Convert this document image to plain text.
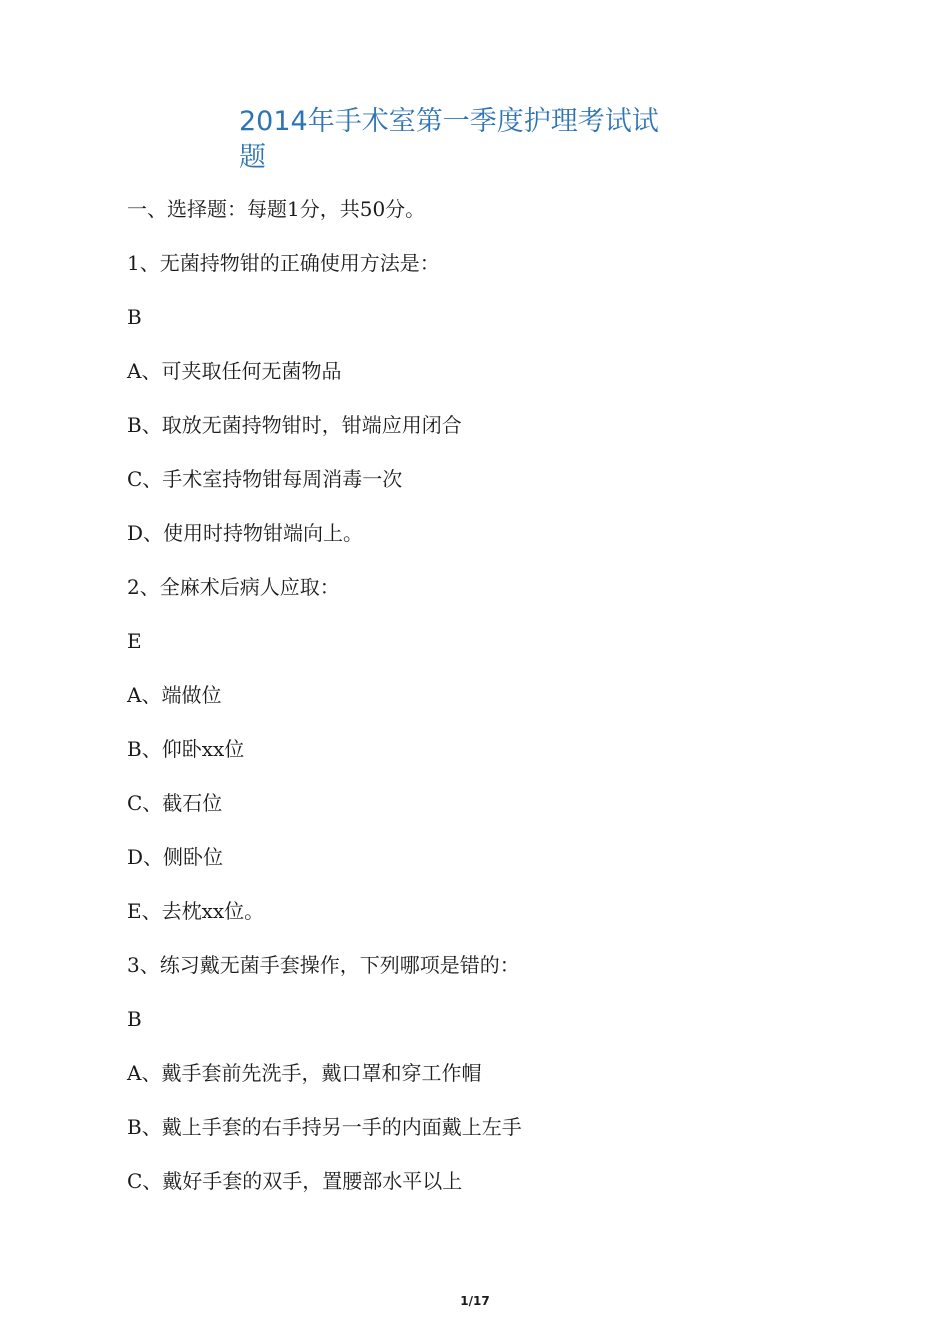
2014年手术室第一季度护理考试试题
一、选择题：每题1分，共50分。
1、无菌持物钳的正确使用方法是：
B
A、可夹取任何无菌物品
B、取放无菌持物钳时，钳端应用闭合
C、手术室持物钳每周消毒一次
D、使用时持物钳端向上。
2、全麻术后病人应取：
E
A、端做位
B、仰卧xx位
C、截石位
D、侧卧位
E、去枕xx位。
3、练习戴无菌手套操作，下列哪项是错的：
B
A、戴手套前先洗手，戴口罩和穿工作帽
B、戴上手套的右手持另一手的内面戴上左手
C、戴好手套的双手，置腰部水平以上
1/17
